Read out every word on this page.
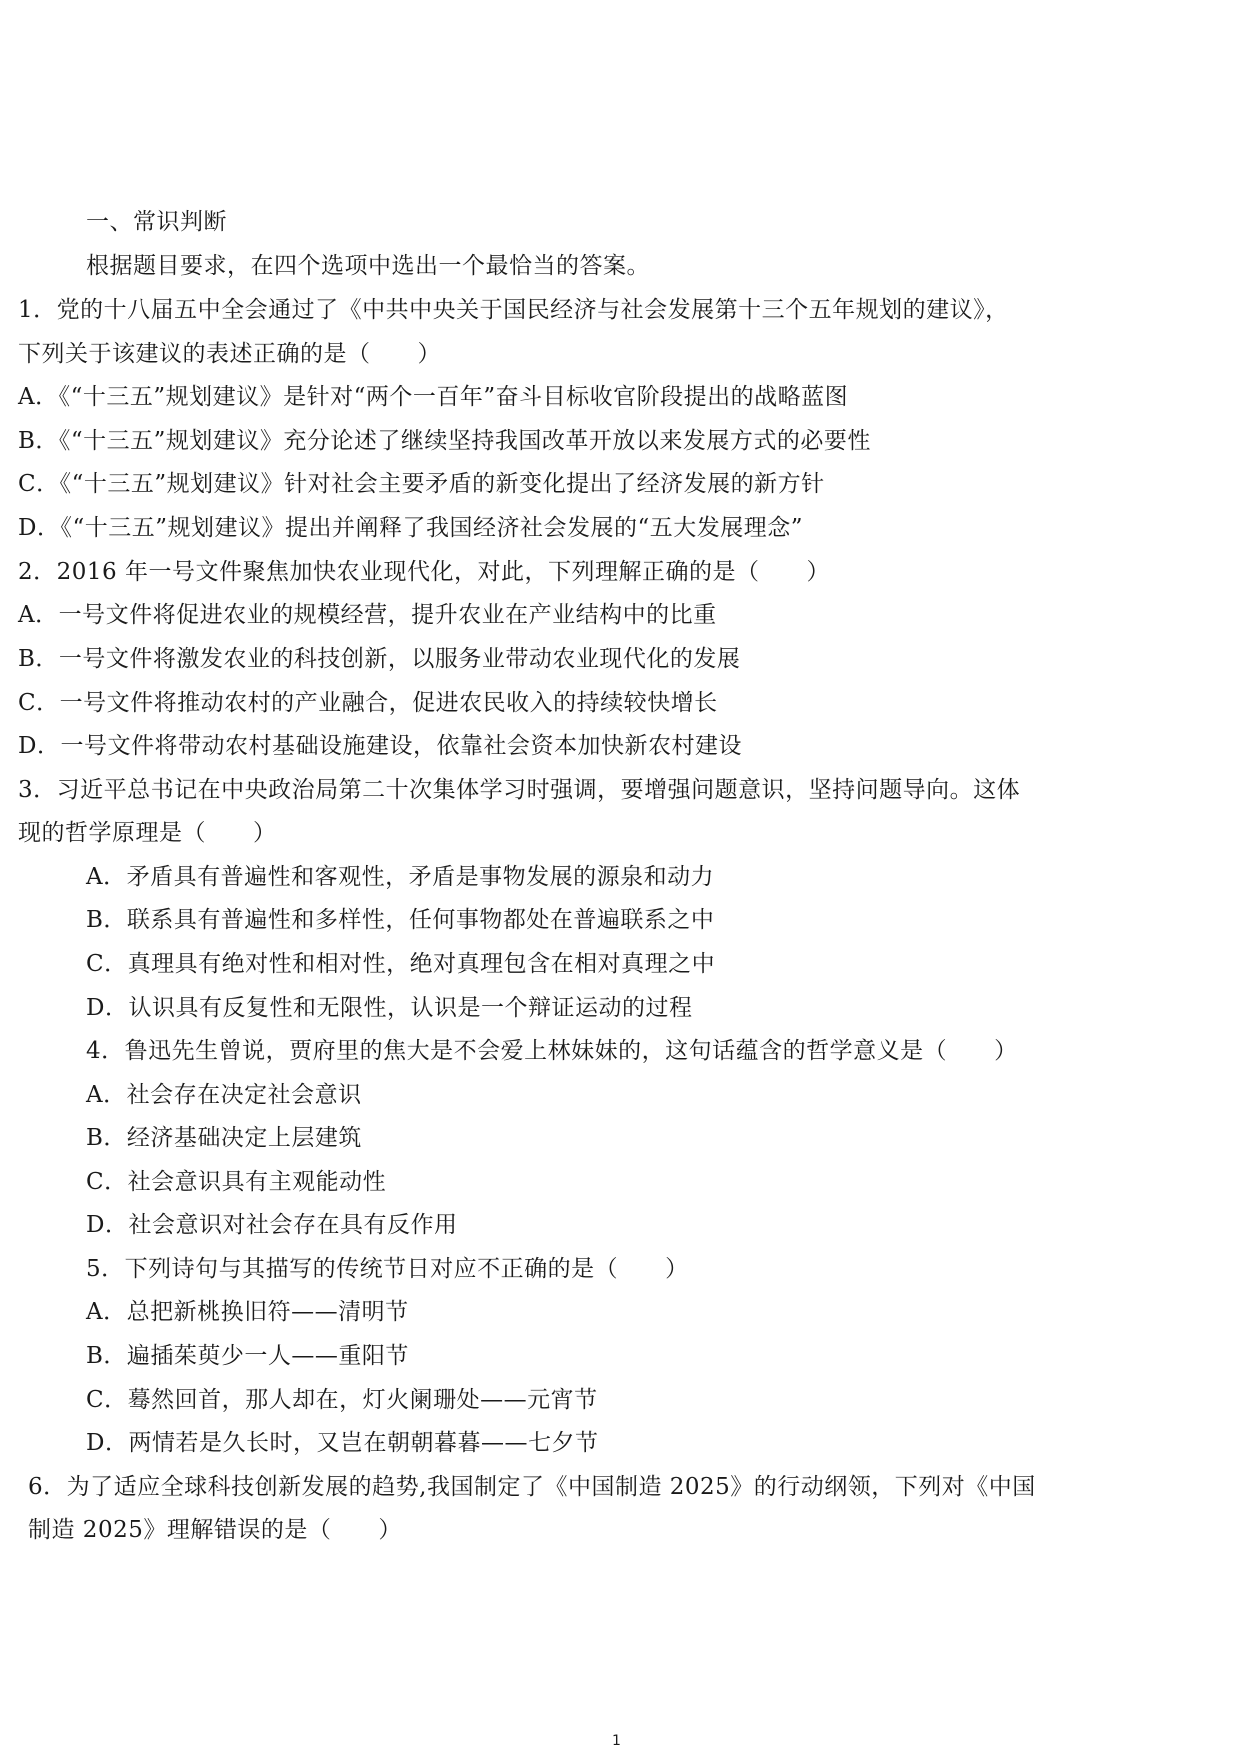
一、常识判断
根据题目要求，在四个选项中选出一个最恰当的答案。
1．党的十八届五中全会通过了《中共中央关于国民经济与社会发展第十三个五年规划的建议》，
下列关于该建议的表述正确的是（　　）
A．《“十三五”规划建议》是针对“两个一百年”奋斗目标收官阶段提出的战略蓝图
B．《“十三五”规划建议》充分论述了继续坚持我国改革开放以来发展方式的必要性
C．《“十三五”规划建议》针对社会主要矛盾的新变化提出了经济发展的新方针
D．《“十三五”规划建议》提出并阐释了我国经济社会发展的“五大发展理念”
2．2016 年一号文件聚焦加快农业现代化，对此，下列理解正确的是（　　）
A．一号文件将促进农业的规模经营，提升农业在产业结构中的比重
B．一号文件将激发农业的科技创新，以服务业带动农业现代化的发展
C．一号文件将推动农村的产业融合，促进农民收入的持续较快增长
D．一号文件将带动农村基础设施建设，依靠社会资本加快新农村建设
3．习近平总书记在中央政治局第二十次集体学习时强调，要增强问题意识，坚持问题导向。这体
现的哲学原理是（　　）
A．矛盾具有普遍性和客观性，矛盾是事物发展的源泉和动力
B．联系具有普遍性和多样性，任何事物都处在普遍联系之中
C．真理具有绝对性和相对性，绝对真理包含在相对真理之中
D．认识具有反复性和无限性，认识是一个辩证运动的过程
4．鲁迅先生曾说，贾府里的焦大是不会爱上林妹妹的，这句话蕴含的哲学意义是（　　）
A．社会存在决定社会意识
B．经济基础决定上层建筑
C．社会意识具有主观能动性
D．社会意识对社会存在具有反作用
5．下列诗句与其描写的传统节日对应不正确的是（　　）
A．总把新桃换旧符——清明节
B．遍插茱萸少一人——重阳节
C．蓦然回首，那人却在，灯火阑珊处——元宵节
D．两情若是久长时，又岂在朝朝暮暮——七夕节
6．为了适应全球科技创新发展的趋势,我国制定了《中国制造 2025》的行动纲领，下列对《中国
制造 2025》理解错误的是（　　）
1
